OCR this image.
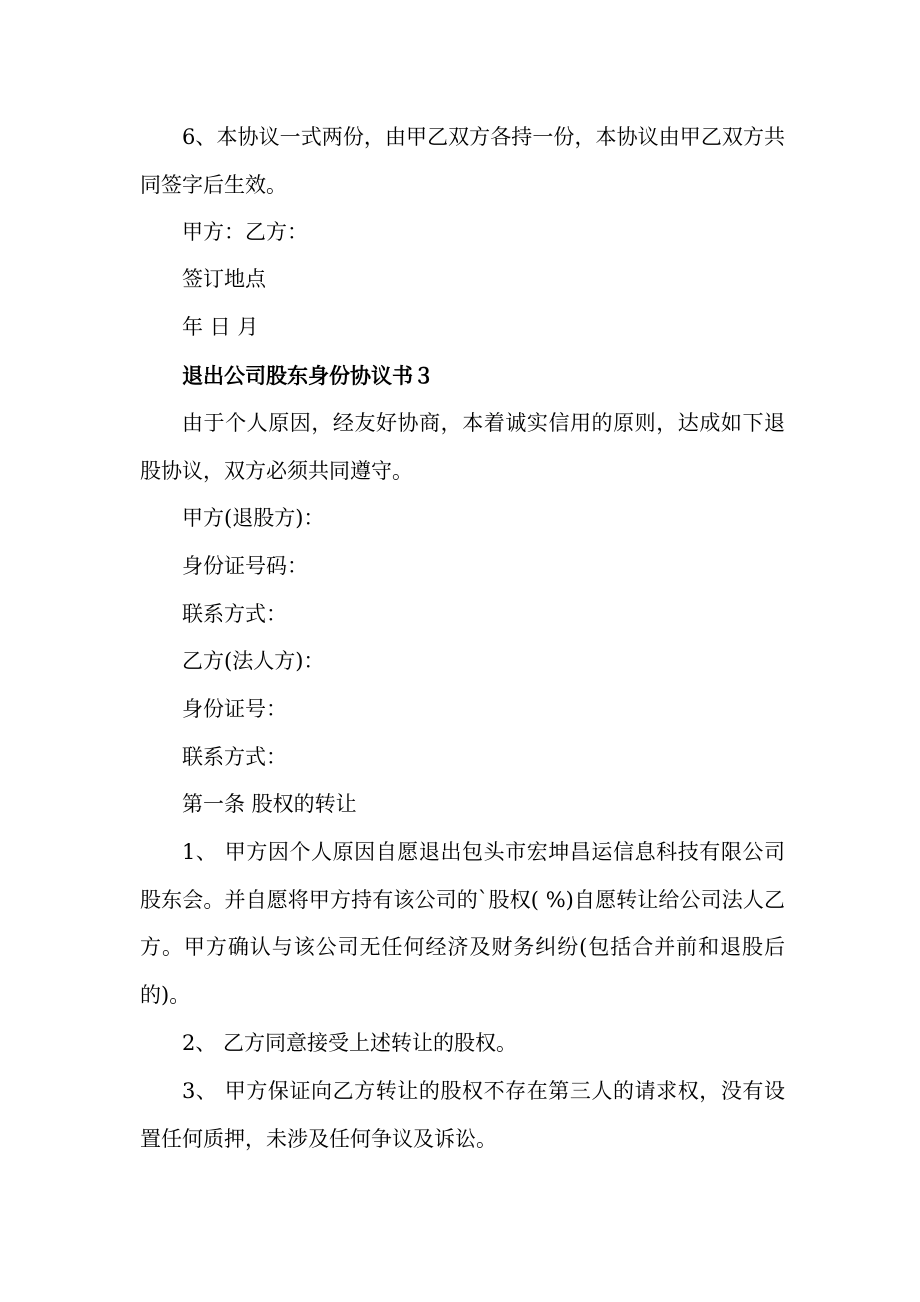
6、本协议一式两份，由甲乙双方各持一份，本协议由甲乙双方共同签字后生效。

甲方：乙方：
签订地点
年 日 月
退出公司股东身份协议书３

由于个人原因，经友好协商，本着诚实信用的原则，达成如下退股协议，双方必须共同遵守。

甲方(退股方)：
身份证号码：
联系方式：
乙方(法人方)：
身份证号：
联系方式：
第一条 股权的转让

1、 甲方因个人原因自愿退出包头市宏坤昌运信息科技有限公司股东会。并自愿将甲方持有该公司的`股权( %)自愿转让给公司法人乙方。甲方确认与该公司无任何经济及财务纠纷(包括合并前和退股后的)。

2、 乙方同意接受上述转让的股权。

3、 甲方保证向乙方转让的股权不存在第三人的请求权，没有设置任何质押，未涉及任何争议及诉讼。
